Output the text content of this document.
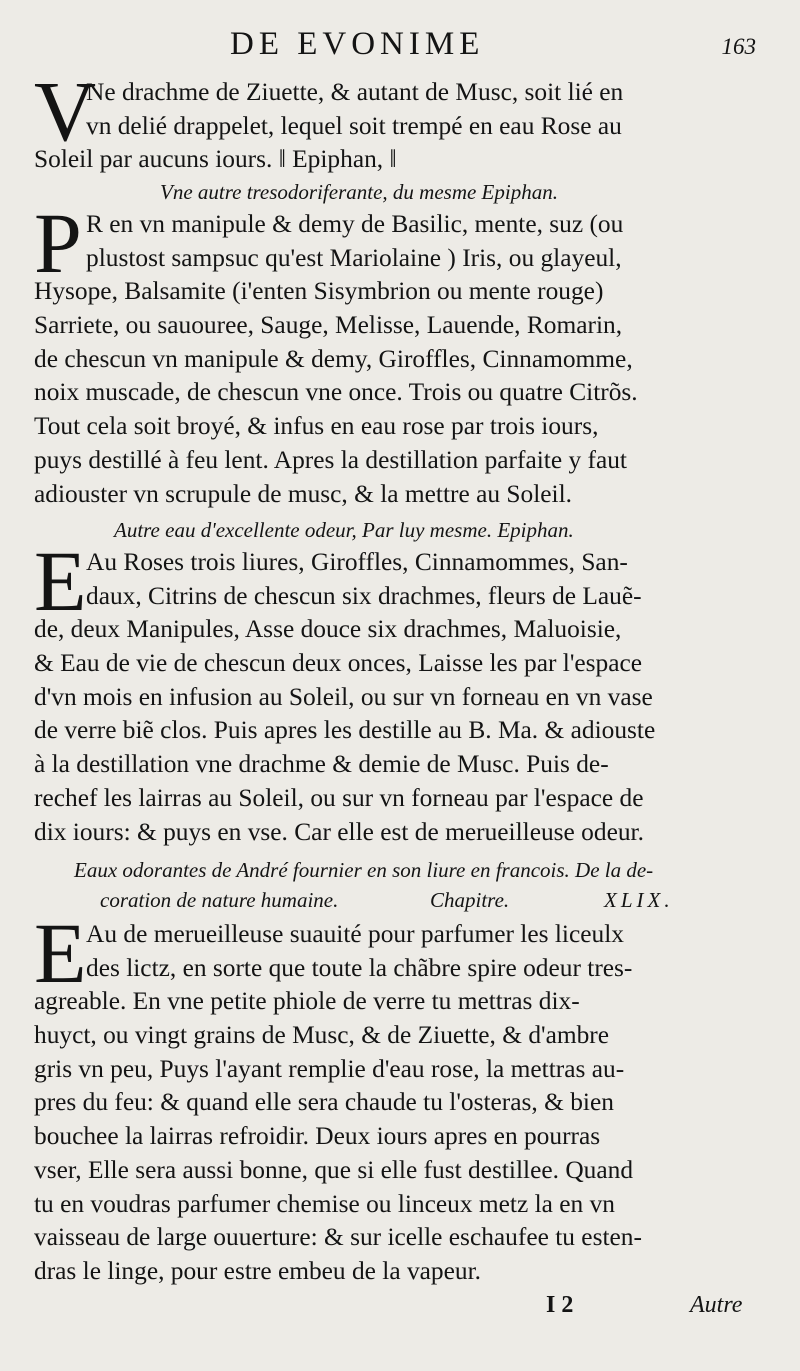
DE EVONIME	163
V
Ne drachme de Ziuette, & autant de Musc, soit lié en
vn delié drappelet, lequel soit trempé en eau Rose au
Soleil par aucuns iours. ‖ Epiphan, ‖
Vne autre tresodoriferante, du mesme Epiphan.
P R en vn manipule & demy de Basilic, mente, suz (ou
plustost sampsuc qu'est Mariolaine ) Iris, ou glayeul,
Hysope, Balsamite (i'enten Sisymbrion ou mente rouge)
Sarriete, ou sauouree, Sauge, Melisse, Lauende, Romarin,
de chescun vn manipule & demy, Giroffles, Cinnamomme,
noix muscade, de chescun vne once. Trois ou quatre Citrõs.
Tout cela soit broyé, & infus en eau rose par trois iours,
puys destillé à feu lent. Apres la destillation parfaite y faut
adiouster vn scrupule de musc, & la mettre au Soleil.
Autre eau d'excellente odeur, Par luy mesme. Epiphan.
E Au Roses trois liures, Giroffles, Cinnamommes, San-
daux, Citrins de chescun six drachmes, fleurs de Lauẽ-
de, deux Manipules, Asse douce six drachmes, Maluoisie,
& Eau de vie de chescun deux onces, Laisse les par l'espace
d'vn mois en infusion au Soleil, ou sur vn forneau en vn vase
de verre biẽ clos. Puis apres les destille au B. Ma. & adiouste
à la destillation vne drachme & demie de Musc. Puis de-
rechef les lairras au Soleil, ou sur vn forneau par l'espace de
dix iours: & puys en vse. Car elle est de merueilleuse odeur.
Eaux odorantes de André fournier en son liure en francois. De la de-
coration de nature humaine.	Chapitre.	XLIX.
E Au de merueilleuse suauité pour parfumer les liceulx
des lictz, en sorte que toute la chãbre spire odeur tres-
agreable. En vne petite phiole de verre tu mettras dix-
huyct, ou vingt grains de Musc, & de Ziuette, & d'ambre
gris vn peu, Puys l'ayant remplie d'eau rose, la mettras au-
pres du feu: & quand elle sera chaude tu l'osteras, & bien
bouchee la lairras refroidir. Deux iours apres en pourras
vser, Elle sera aussi bonne, que si elle fust destillee. Quand
tu en voudras parfumer chemise ou linceux metz la en vn
vaisseau de large ouuerture: & sur icelle eschaufee tu esten-
dras le linge, pour estre embeu de la vapeur.
I 2	Autre
